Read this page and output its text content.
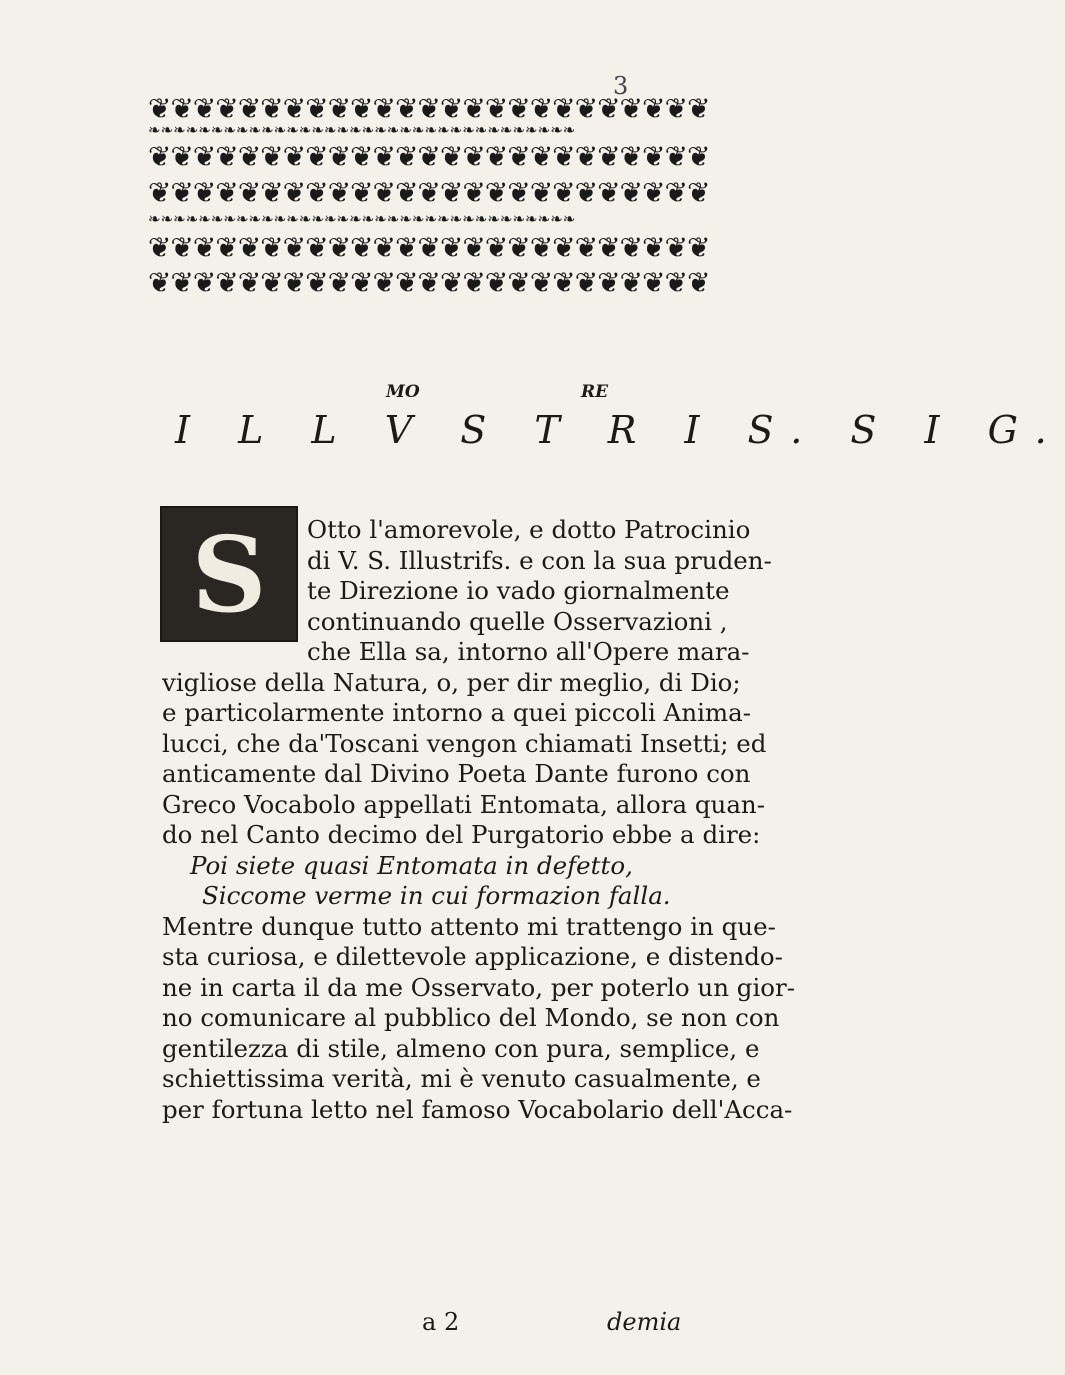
3
❦❦❦❦❦❦❦❦❦❦❦❦❦❦❦❦❦❦❦❦❦❦❦❦❦
❧❧❧❧❧❧❧❧❧❧❧❧❧❧❧❧❧❧❧❧❧❧❧❧❧❧❧❧❧❧❧❧❧❧
❦❦❦❦❦❦❦❦❦❦❦❦❦❦❦❦❦❦❦❦❦❦❦❦❦
❦❦❦❦❦❦❦❦❦❦❦❦❦❦❦❦❦❦❦❦❦❦❦❦❦
❧❧❧❧❧❧❧❧❧❧❧❧❧❧❧❧❧❧❧❧❧❧❧❧❧❧❧❧❧❧❧❧❧❧
❦❦❦❦❦❦❦❦❦❦❦❦❦❦❦❦❦❦❦❦❦❦❦❦❦
❦❦❦❦❦❦❦❦❦❦❦❦❦❦❦❦❦❦❦❦❦❦❦❦❦
MO	RE
I L L V S T R I S. S I G.
S	Otto l'amorevole, e dotto Patrocinio
di V. S. Illustrifs. e con la sua pruden-
te Direzione io vado giornalmente
continuando quelle Osservazioni ,
che Ella sa, intorno all'Opere mara-
vigliose della Natura, o, per dir meglio, di Dio;
e particolarmente intorno a quei piccoli Anima-
lucci, che da'Toscani vengon chiamati Insetti; ed
anticamente dal Divino Poeta Dante furono con
Greco Vocabolo appellati Entomata, allora quan-
do nel Canto decimo del Purgatorio ebbe a dire:
Poi siete quasi Entomata in defetto,
Siccome verme in cui formazion falla.
Mentre dunque tutto attento mi trattengo in que-
sta curiosa, e dilettevole applicazione, e distendo-
ne in carta il da me Osservato, per poterlo un gior-
no comunicare al pubblico del Mondo, se non con
gentilezza di stile, almeno con pura, semplice, e
schiettissima verità, mi è venuto casualmente, e
per fortuna letto nel famoso Vocabolario dell'Acca-
a 2	demia
